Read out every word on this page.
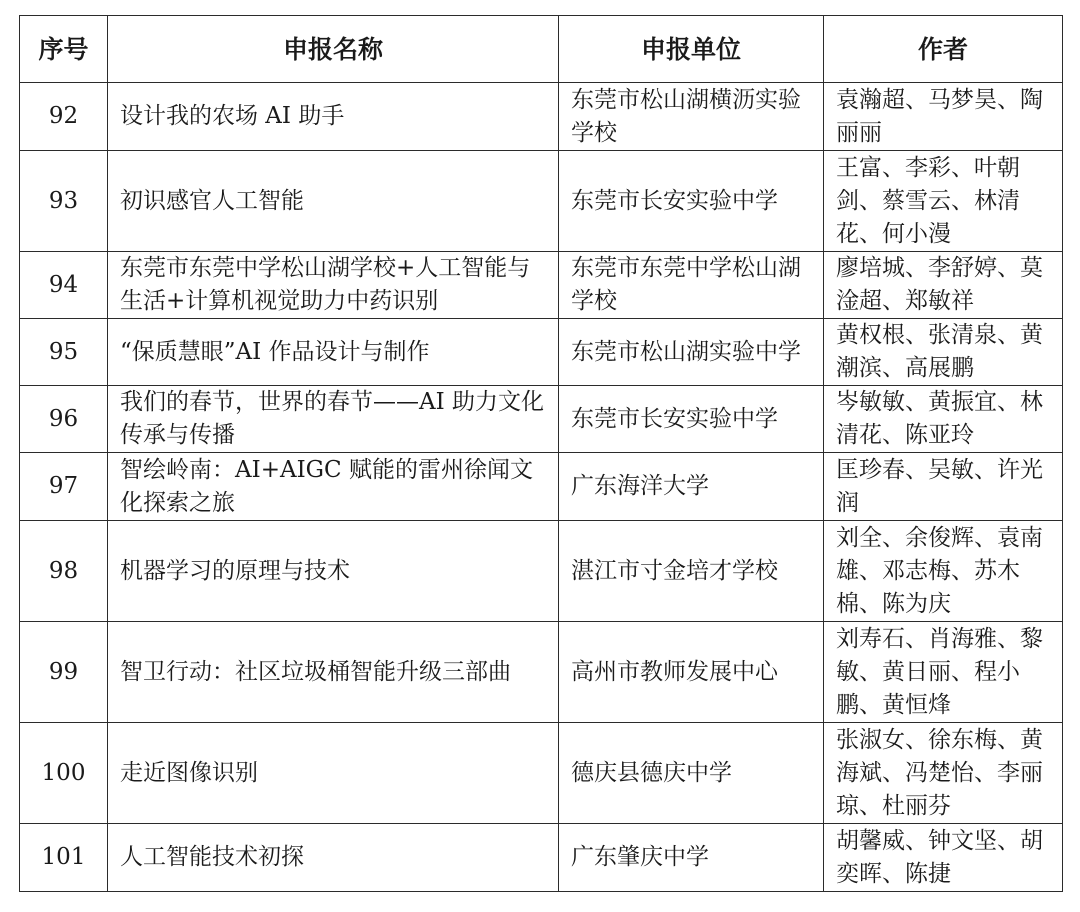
序号	申报名称	申报单位	作者
92	设计我的农场 AI 助手	东莞市松山湖横沥实验学校	袁瀚超、马梦昊、陶丽丽
93	初识感官人工智能	东莞市长安实验中学	王富、李彩、叶朝剑、蔡雪云、林清花、何小漫
94	东莞市东莞中学松山湖学校+人工智能与生活+计算机视觉助力中药识别	东莞市东莞中学松山湖学校	廖培城、李舒婷、莫淦超、郑敏祥
95	“保质慧眼”AI 作品设计与制作	东莞市松山湖实验中学	黄权根、张清泉、黄潮滨、高展鹏
96	我们的春节，世界的春节——AI 助力文化传承与传播	东莞市长安实验中学	岑敏敏、黄振宜、林清花、陈亚玲
97	智绘岭南：AI+AIGC 赋能的雷州徐闻文化探索之旅	广东海洋大学	匡珍春、吴敏、许光润
98	机器学习的原理与技术	湛江市寸金培才学校	刘全、余俊辉、袁南雄、邓志梅、苏木棉、陈为庆
99	智卫行动：社区垃圾桶智能升级三部曲	高州市教师发展中心	刘寿石、肖海雅、黎敏、黄日丽、程小鹏、黄恒烽
100	走近图像识别	德庆县德庆中学	张淑女、徐东梅、黄海斌、冯楚怡、李丽琼、杜丽芬
101	人工智能技术初探	广东肇庆中学	胡馨威、钟文坚、胡奕晖、陈捷
